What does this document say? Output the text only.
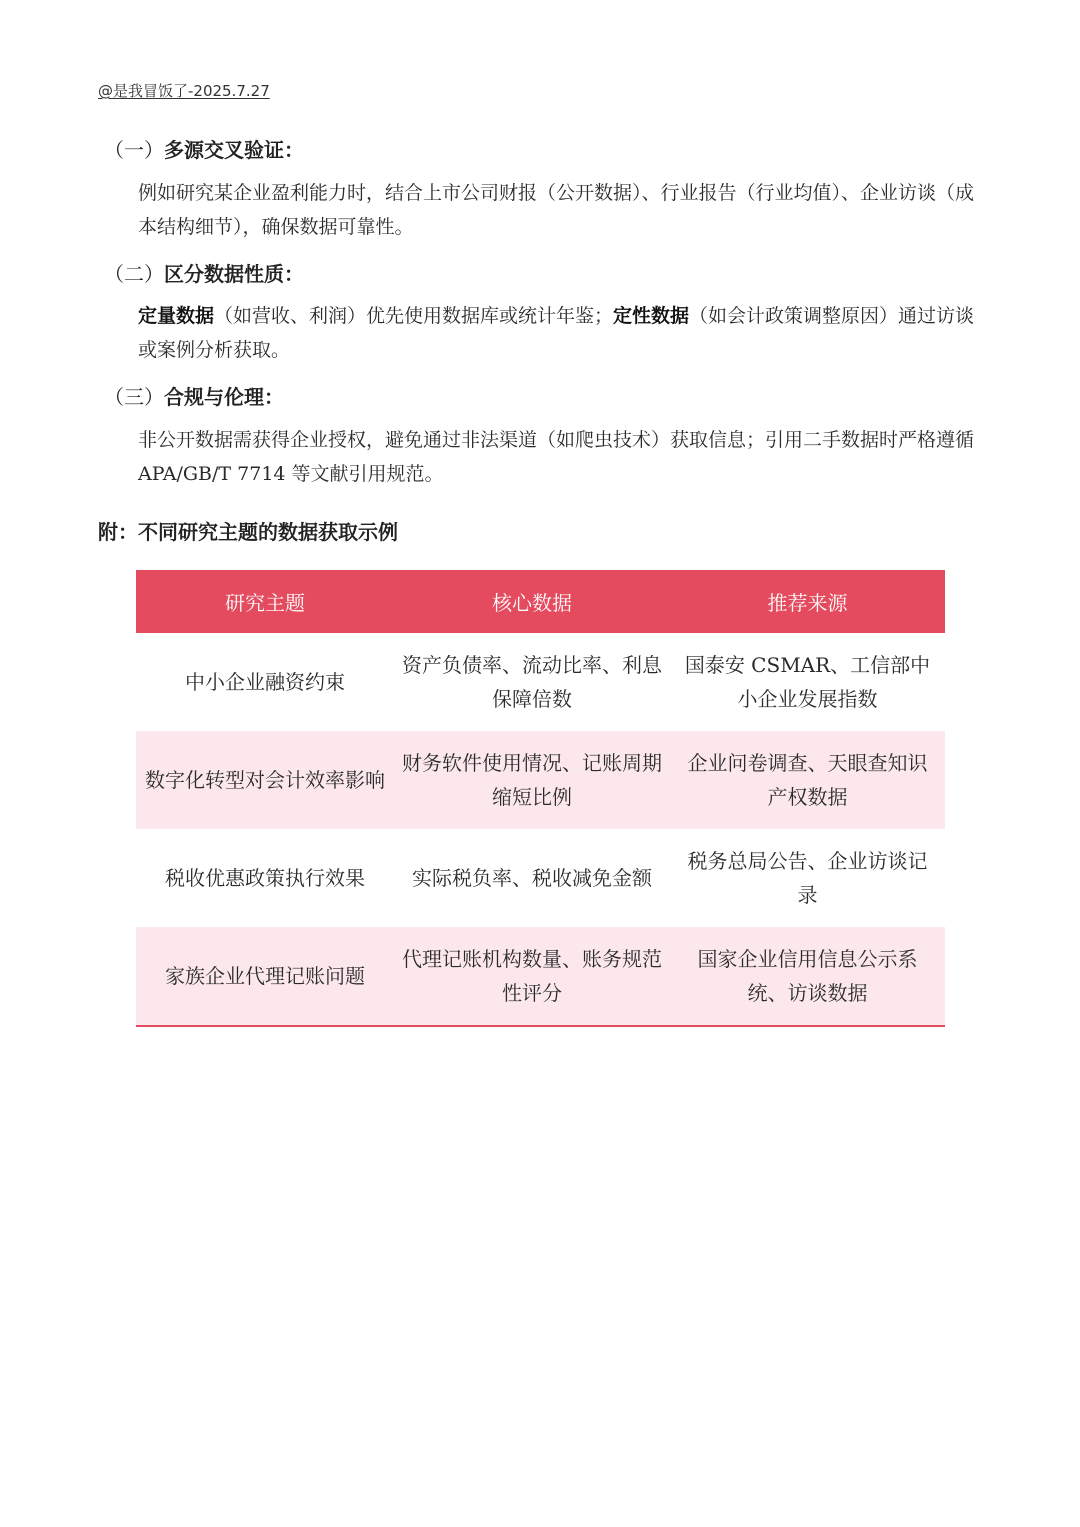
@是我冒饭了-2025.7.27
（一）多源交叉验证：
例如研究某企业盈利能力时，结合上市公司财报（公开数据）、行业报告（行业均值）、企业访谈（成本结构细节），确保数据可靠性。
（二）区分数据性质：
定量数据（如营收、利润）优先使用数据库或统计年鉴；定性数据（如会计政策调整原因）通过访谈或案例分析获取。
（三）合规与伦理：
非公开数据需获得企业授权，避免通过非法渠道（如爬虫技术）获取信息；引用二手数据时严格遵循 APA/GB/T 7714 等文献引用规范。
附：不同研究主题的数据获取示例
研究主题	核心数据	推荐来源
中小企业融资约束	资产负债率、流动比率、利息保障倍数	国泰安 CSMAR、工信部中小企业发展指数
数字化转型对会计效率影响	财务软件使用情况、记账周期缩短比例	企业问卷调查、天眼查知识产权数据
税收优惠政策执行效果	实际税负率、税收减免金额	税务总局公告、企业访谈记录
家族企业代理记账问题	代理记账机构数量、账务规范性评分	国家企业信用信息公示系统、访谈数据
